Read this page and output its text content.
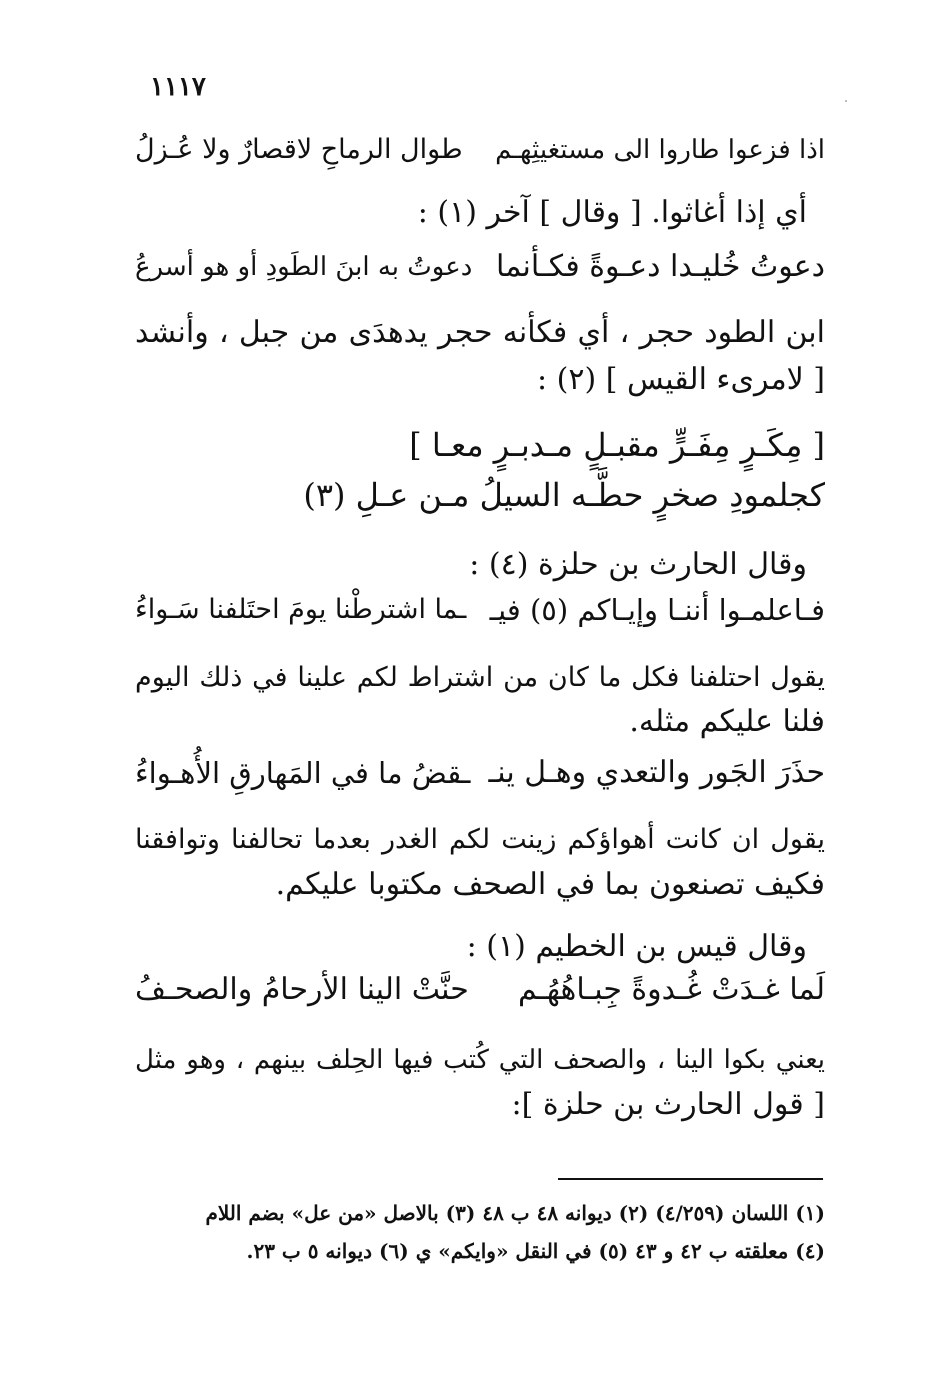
١١١٧
اذا فزعوا طاروا الى مستغيثِهـم
طوال الرماحِ لاقصارٌ ولا عُـزلُ
أي إذا أغاثوا. [ وقال ] آخر (١) :
دعوتُ خُليـدا دعـوةً فكـأنما
دعوتُ به ابنَ الطَودِ أو هو أسرعُ
ابن الطود حجر ، أي فكأنه حجر يدهدَى من جبل ، وأنشد
[ لامرىء القيس ] (٢) :
[ مِكَـرٍ مِفَـرٍّ مقبـلٍ مـدبـرٍ معـا ]
كجلمودِ صخرٍ حطَّـه السيلُ مـن عـلِ (٣)
وقال الحارث بن حلزة (٤) :
فـاعلمـوا أننـا وإيـاكم (٥) فيـ
ـما اشترطْنا يومَ احتَلفنا سَـواءُ
يقول احتلفنا فكل ما كان من اشتراط لكم علينا في ذلك اليوم
فلنا عليكم مثله.
حذَرَ الجَور والتعدي وهـل ينـ
ـقضُ ما في المَهارقِ الأُهـواءُ
يقول ان كانت أهواؤكم زينت لكم الغدر بعدما تحالفنا وتوافقنا
فكيف تصنعون بما في الصحف مكتوبا عليكم.
وقال قيس بن الخطيم (١) :
لَما غـدَتْ غُـدوةً جِبـاهُهُـم
حنَّتْ الينا الأرحامُ والصحـفُ
يعني بكوا الينا ، والصحف التي كُتب فيها الحِلف بينهم ، وهو مثل
[ قول الحارث بن حلزة ]:
(١) اللسان (٤/٢٥٩) (٢) ديوانه ٤٨ ب ٤٨ (٣) بالاصل «من عل» بضم اللام
(٤) معلقته ب ٤٢ و ٤٣ (٥) في النقل «وايكم» ي (٦) ديوانه ٥ ب ٢٣.
